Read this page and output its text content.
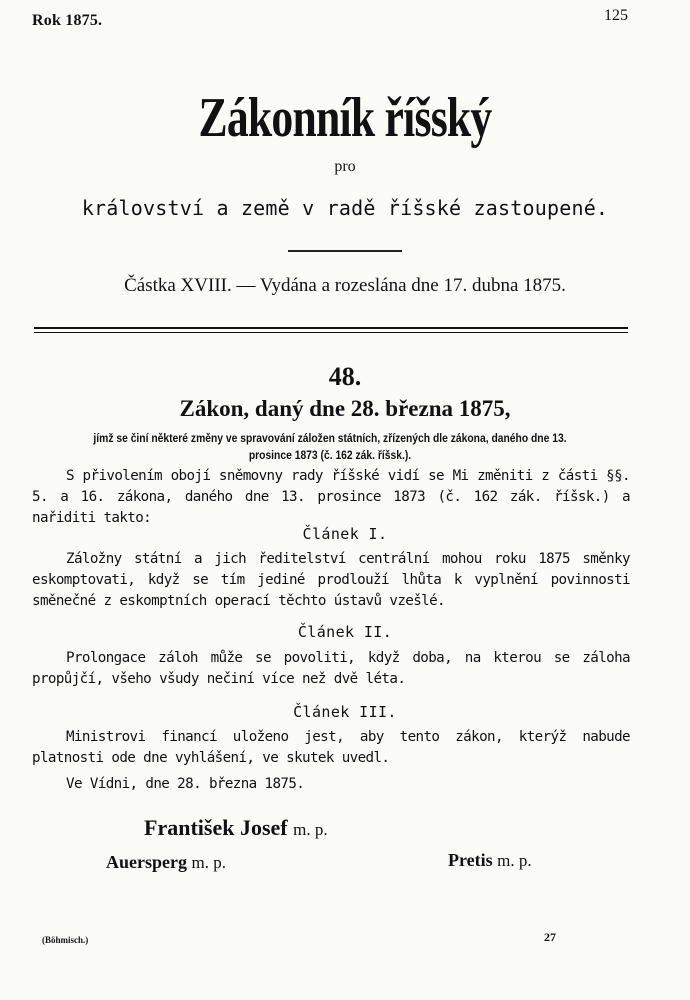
Rok 1875.	125
Zákonník říšský
pro
království a země v radě říšské zastoupené.
Částka XVIII. — Vydána a rozeslána dne 17. dubna 1875.
48.
Zákon, daný dne 28. března 1875,
jímž se činí některé změny ve spravování záložen státních, zřízených dle zákona, daného dne 13. prosince 1873 (č. 162 zák. říšsk.).
S přivolením obojí sněmovny rady říšské vidí se Mi změniti z části §§. 5. a 16. zákona, daného dne 13. prosince 1873 (č. 162 zák. říšsk.) a nařiditi takto:
Článek I.
Záložny státní a jich ředitelství centrální mohou roku 1875 směnky eskomptovati, když se tím jediné prodlouží lhůta k vyplnění povinnosti směnečné z eskomptních operací těchto ústavů vzešlé.
Článek II.
Prolongace záloh může se povoliti, když doba, na kterou se záloha propůjčí, všeho všudy nečiní více než dvě léta.
Článek III.
Ministrovi financí uloženo jest, aby tento zákon, kterýž nabude platnosti ode dne vyhlášení, ve skutek uvedl.
Ve Vídni, dne 28. března 1875.
František Josef m. p.
Auersperg m. p.	Pretis m. p.
(Böhmisch.)	27
